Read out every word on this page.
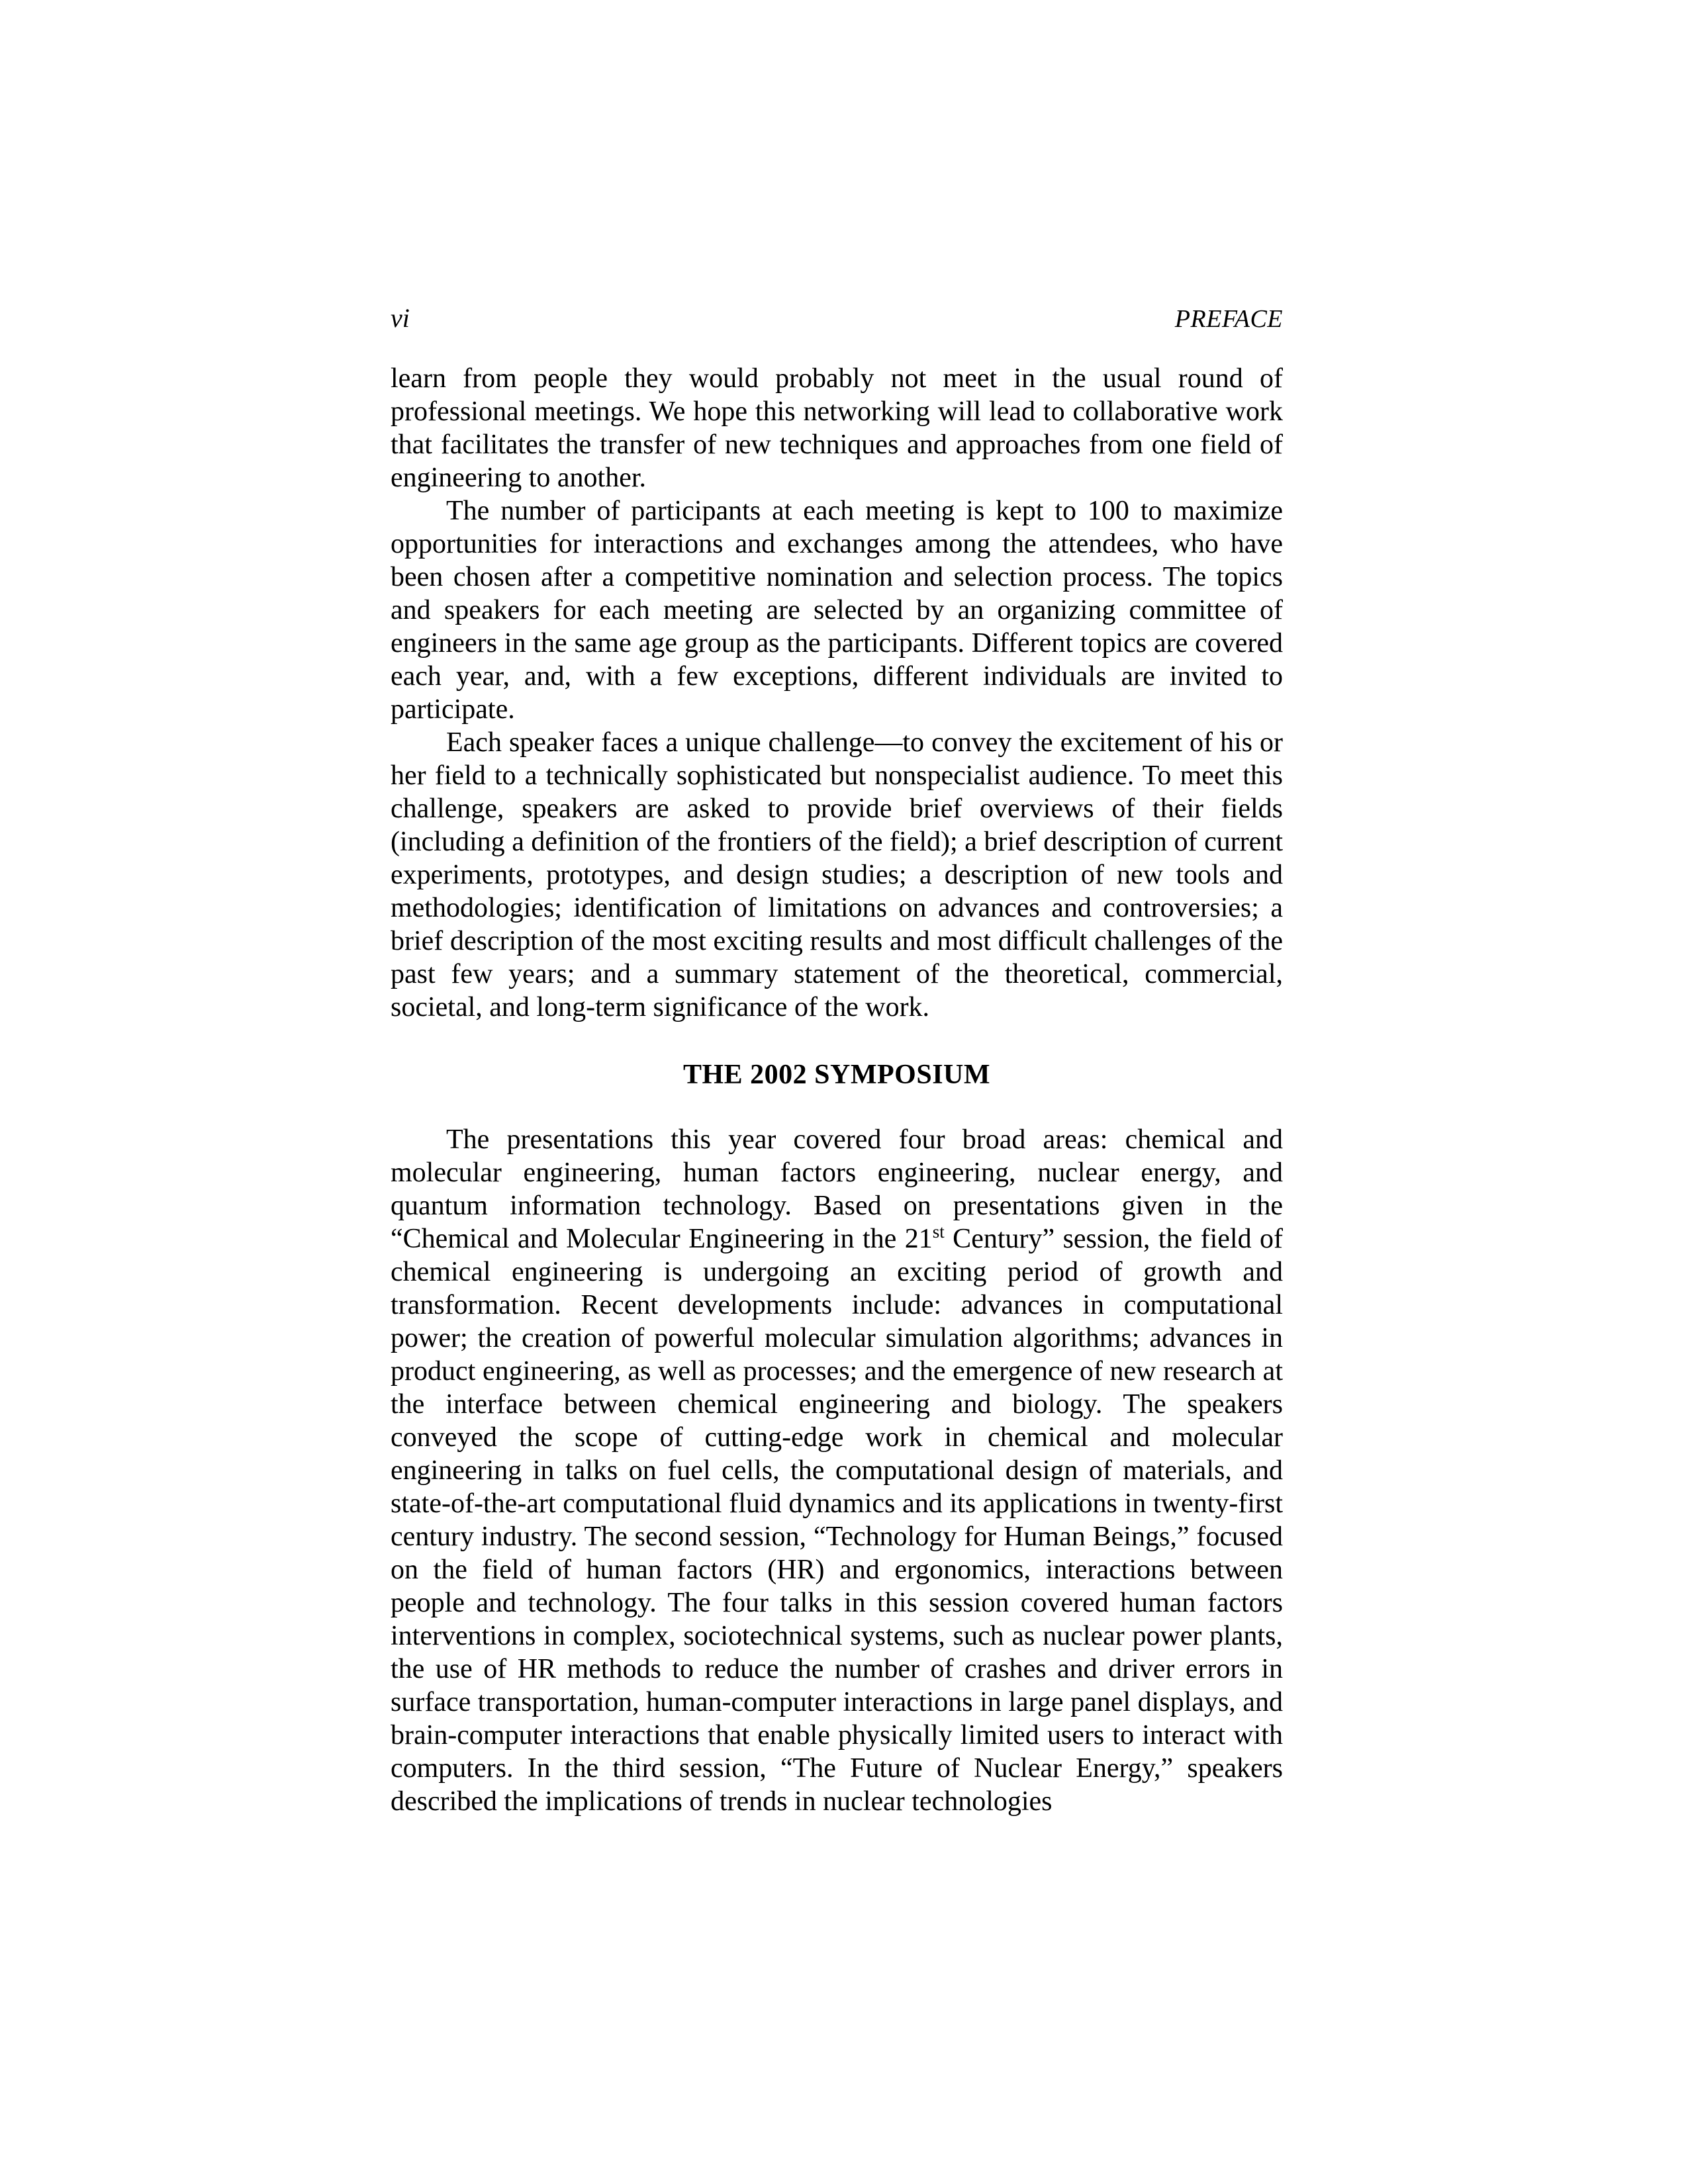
vi	PREFACE

learn from people they would probably not meet in the usual round of professional meetings. We hope this networking will lead to collaborative work that facilitates the transfer of new techniques and approaches from one field of engineering to another.

The number of participants at each meeting is kept to 100 to maximize opportunities for interactions and exchanges among the attendees, who have been chosen after a competitive nomination and selection process. The topics and speakers for each meeting are selected by an organizing committee of engineers in the same age group as the participants. Different topics are covered each year, and, with a few exceptions, different individuals are invited to participate.

Each speaker faces a unique challenge—to convey the excitement of his or her field to a technically sophisticated but nonspecialist audience. To meet this challenge, speakers are asked to provide brief overviews of their fields (including a definition of the frontiers of the field); a brief description of current experiments, prototypes, and design studies; a description of new tools and methodologies; identification of limitations on advances and controversies; a brief description of the most exciting results and most difficult challenges of the past few years; and a summary statement of the theoretical, commercial, societal, and long-term significance of the work.

THE 2002 SYMPOSIUM

The presentations this year covered four broad areas: chemical and molecular engineering, human factors engineering, nuclear energy, and quantum information technology. Based on presentations given in the “Chemical and Molecular Engineering in the 21st Century” session, the field of chemical engineering is undergoing an exciting period of growth and transformation. Recent developments include: advances in computational power; the creation of powerful molecular simulation algorithms; advances in product engineering, as well as processes; and the emergence of new research at the interface between chemical engineering and biology. The speakers conveyed the scope of cutting-edge work in chemical and molecular engineering in talks on fuel cells, the computational design of materials, and state-of-the-art computational fluid dynamics and its applications in twenty-first century industry. The second session, “Technology for Human Beings,” focused on the field of human factors (HR) and ergonomics, interactions between people and technology. The four talks in this session covered human factors interventions in complex, sociotechnical systems, such as nuclear power plants, the use of HR methods to reduce the number of crashes and driver errors in surface transportation, human-computer interactions in large panel displays, and brain-computer interactions that enable physically limited users to interact with computers. In the third session, “The Future of Nuclear Energy,” speakers described the implications of trends in nuclear technologies
